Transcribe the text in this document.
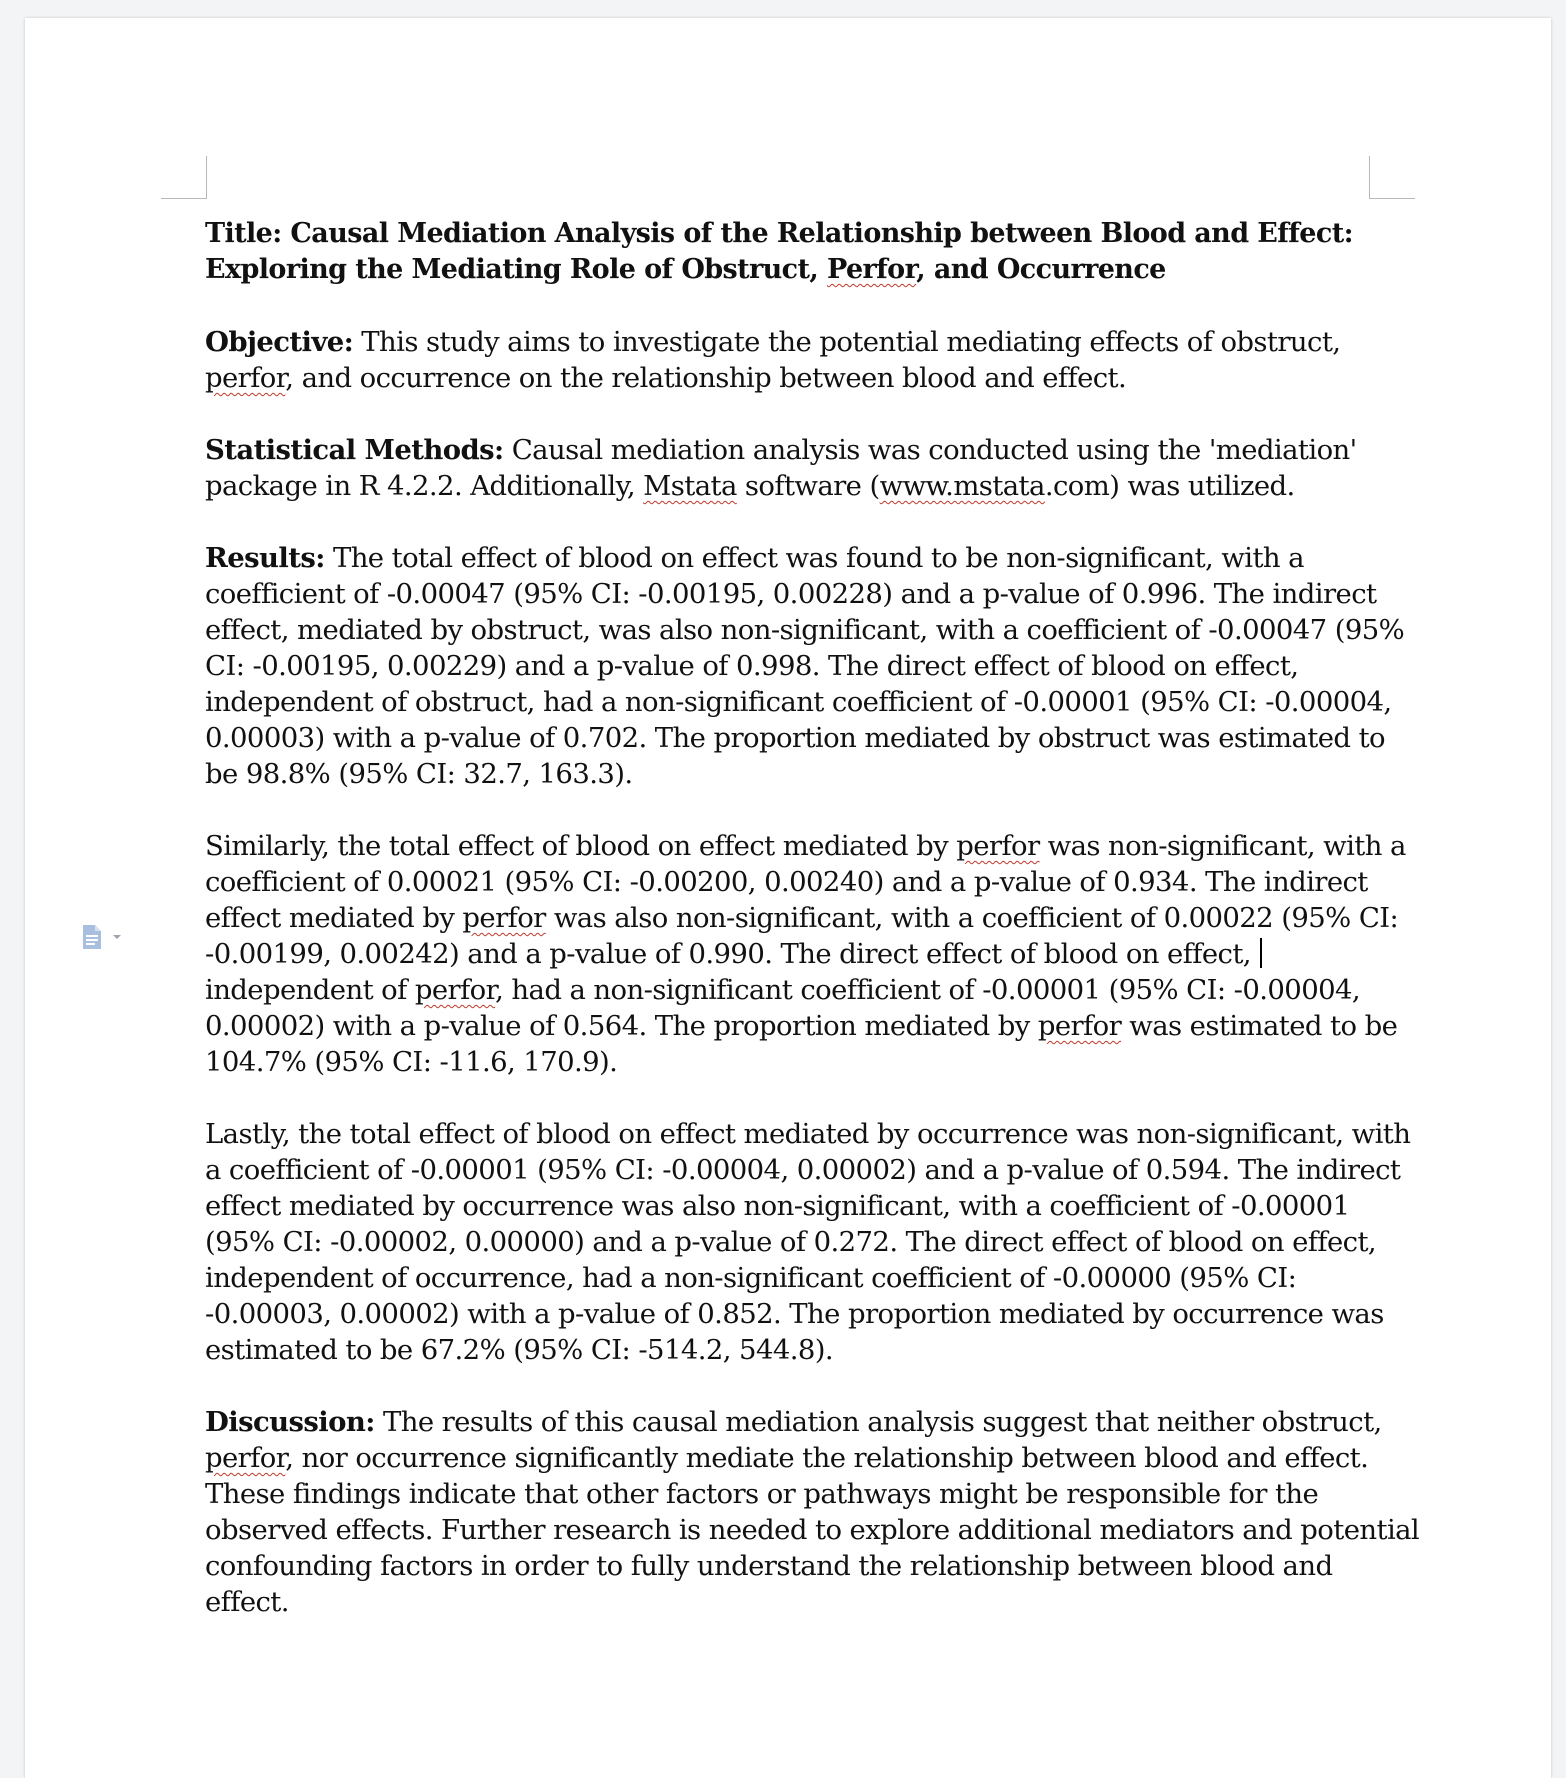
Title: Causal Mediation Analysis of the Relationship between Blood and Effect: Exploring the Mediating Role of Obstruct, Perfor, and Occurrence

Objective: This study aims to investigate the potential mediating effects of obstruct, perfor, and occurrence on the relationship between blood and effect.

Statistical Methods: Causal mediation analysis was conducted using the 'mediation' package in R 4.2.2. Additionally, Mstata software (www.mstata.com) was utilized.

Results: The total effect of blood on effect was found to be non-significant, with a coefficient of -0.00047 (95% CI: -0.00195, 0.00228) and a p-value of 0.996. The indirect effect, mediated by obstruct, was also non-significant, with a coefficient of -0.00047 (95% CI: -0.00195, 0.00229) and a p-value of 0.998. The direct effect of blood on effect, independent of obstruct, had a non-significant coefficient of -0.00001 (95% CI: -0.00004, 0.00003) with a p-value of 0.702. The proportion mediated by obstruct was estimated to be 98.8% (95% CI: 32.7, 163.3).

Similarly, the total effect of blood on effect mediated by perfor was non-significant, with a coefficient of 0.00021 (95% CI: -0.00200, 0.00240) and a p-value of 0.934. The indirect effect mediated by perfor was also non-significant, with a coefficient of 0.00022 (95% CI: -0.00199, 0.00242) and a p-value of 0.990. The direct effect of blood on effect,  independent of perfor, had a non-significant coefficient of -0.00001 (95% CI: -0.00004, 0.00002) with a p-value of 0.564. The proportion mediated by perfor was estimated to be 104.7% (95% CI: -11.6, 170.9).

Lastly, the total effect of blood on effect mediated by occurrence was non-significant, with a coefficient of -0.00001 (95% CI: -0.00004, 0.00002) and a p-value of 0.594. The indirect effect mediated by occurrence was also non-significant, with a coefficient of -0.00001 (95% CI: -0.00002, 0.00000) and a p-value of 0.272. The direct effect of blood on effect, independent of occurrence, had a non-significant coefficient of -0.00000 (95% CI: -0.00003, 0.00002) with a p-value of 0.852. The proportion mediated by occurrence was estimated to be 67.2% (95% CI: -514.2, 544.8).

Discussion: The results of this causal mediation analysis suggest that neither obstruct, perfor, nor occurrence significantly mediate the relationship between blood and effect. These findings indicate that other factors or pathways might be responsible for the observed effects. Further research is needed to explore additional mediators and potential confounding factors in order to fully understand the relationship between blood and effect.
